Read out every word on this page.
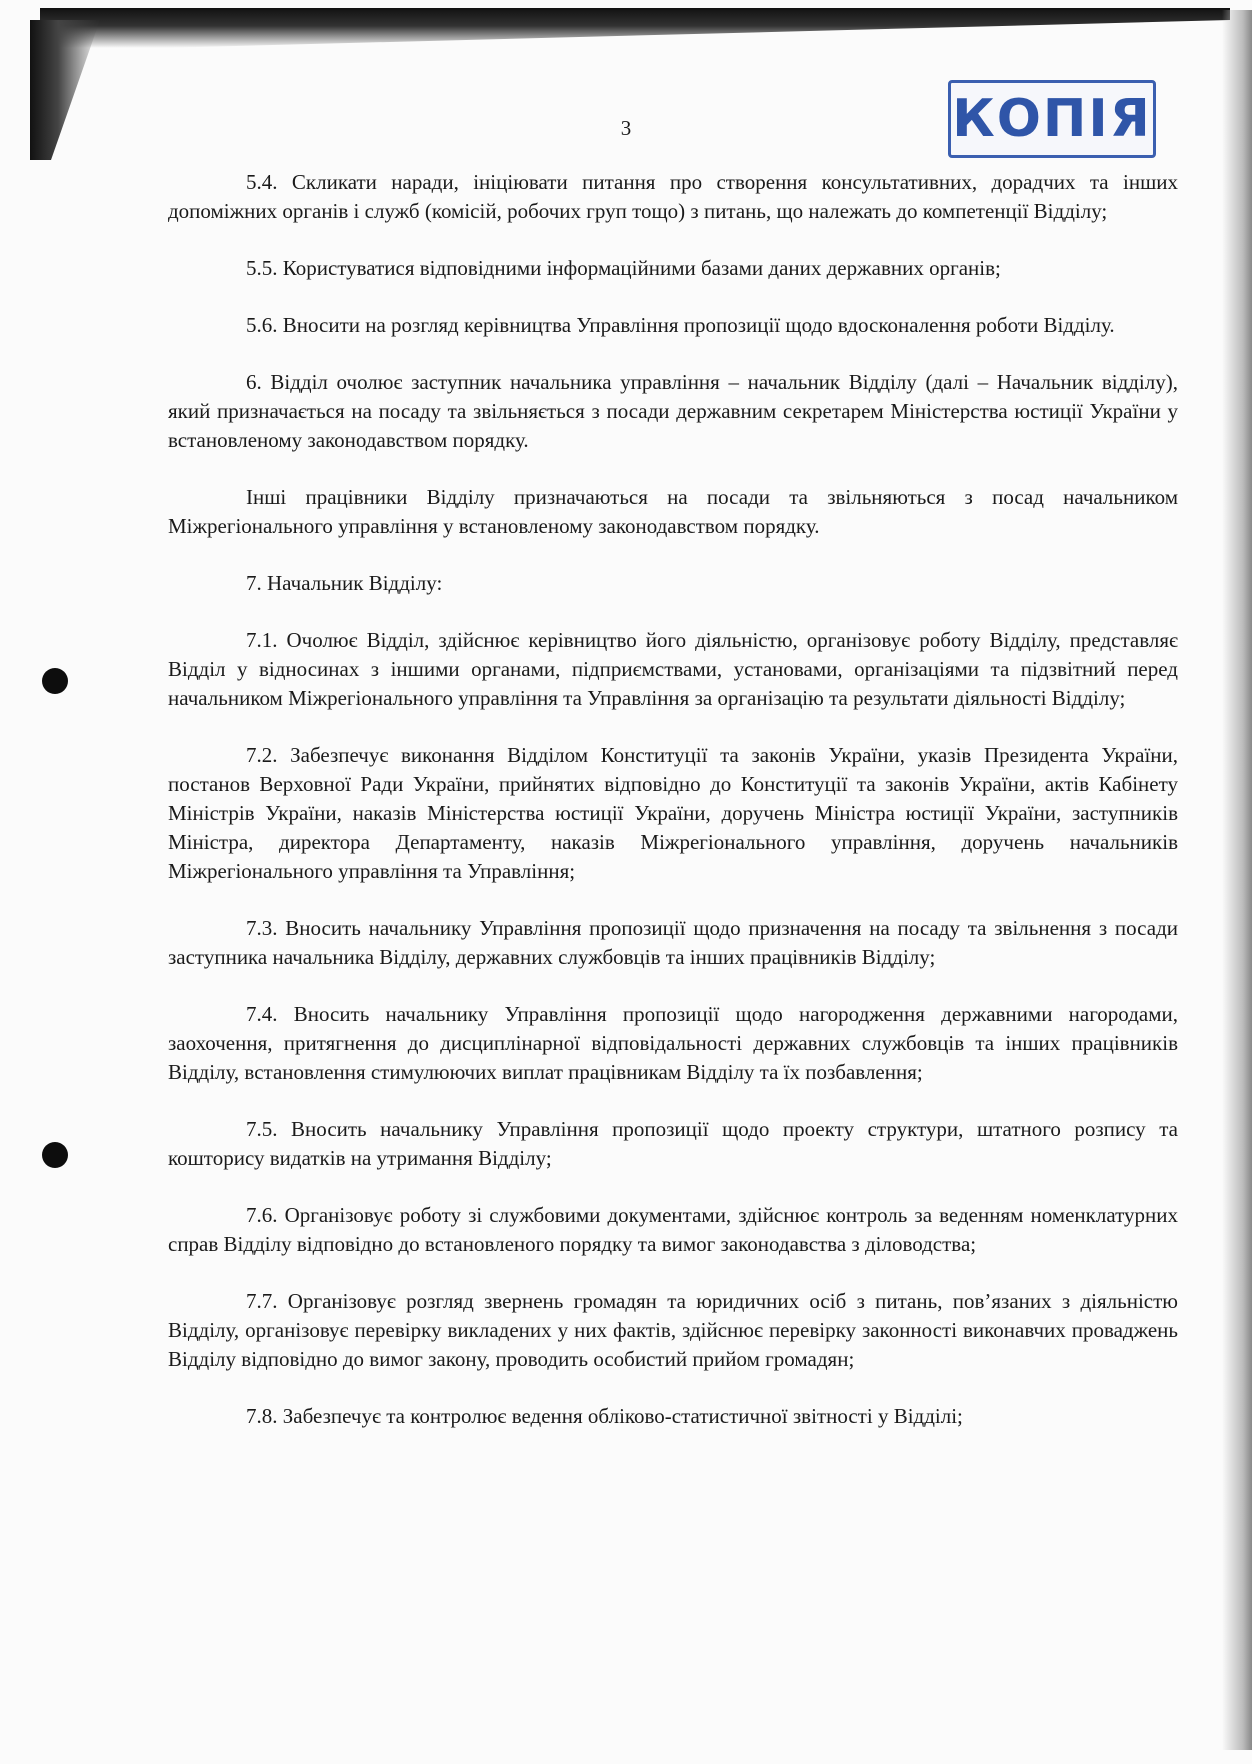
КОПІЯ
3

5.4. Скликати наради, ініціювати питання про створення консультативних, дорадчих та інших допоміжних органів і служб (комісій, робочих груп тощо) з питань, що належать до компетенції Відділу;

5.5. Користуватися відповідними інформаційними базами даних державних органів;

5.6. Вносити на розгляд керівництва Управління пропозиції щодо вдосконалення роботи Відділу.

6. Відділ очолює заступник начальника управління – начальник Відділу (далі – Начальник відділу), який призначається на посаду та звільняється з посади державним секретарем Міністерства юстиції України у встановленому законодавством порядку.

Інші працівники Відділу призначаються на посади та звільняються з посад начальником Міжрегіонального управління у встановленому законодавством порядку.

7. Начальник Відділу:

7.1. Очолює Відділ, здійснює керівництво його діяльністю, організовує роботу Відділу, представляє Відділ у відносинах з іншими органами, підприємствами, установами, організаціями та підзвітний перед начальником Міжрегіонального управління та Управління за організацію та результати діяльності Відділу;

7.2. Забезпечує виконання Відділом Конституції та законів України, указів Президента України, постанов Верховної Ради України, прийнятих відповідно до Конституції та законів України, актів Кабінету Міністрів України, наказів Міністерства юстиції України, доручень Міністра юстиції України, заступників Міністра, директора Департаменту, наказів Міжрегіонального управління, доручень начальників Міжрегіонального управління та Управління;

7.3. Вносить начальнику Управління пропозиції щодо призначення на посаду та звільнення з посади заступника начальника Відділу, державних службовців та інших працівників Відділу;

7.4. Вносить начальнику Управління пропозиції щодо нагородження державними нагородами, заохочення, притягнення до дисциплінарної відповідальності державних службовців та інших працівників Відділу, встановлення стимулюючих виплат працівникам Відділу та їх позбавлення;

7.5. Вносить начальнику Управління пропозиції щодо проекту структури, штатного розпису та кошторису видатків на утримання Відділу;

7.6. Організовує роботу зі службовими документами, здійснює контроль за веденням номенклатурних справ Відділу відповідно до встановленого порядку та вимог законодавства з діловодства;

7.7. Організовує розгляд звернень громадян та юридичних осіб з питань, пов’язаних з діяльністю Відділу, організовує перевірку викладених у них фактів, здійснює перевірку законності виконавчих проваджень Відділу відповідно до вимог закону, проводить особистий прийом громадян;

7.8. Забезпечує та контролює ведення обліково-статистичної звітності у Відділі;
